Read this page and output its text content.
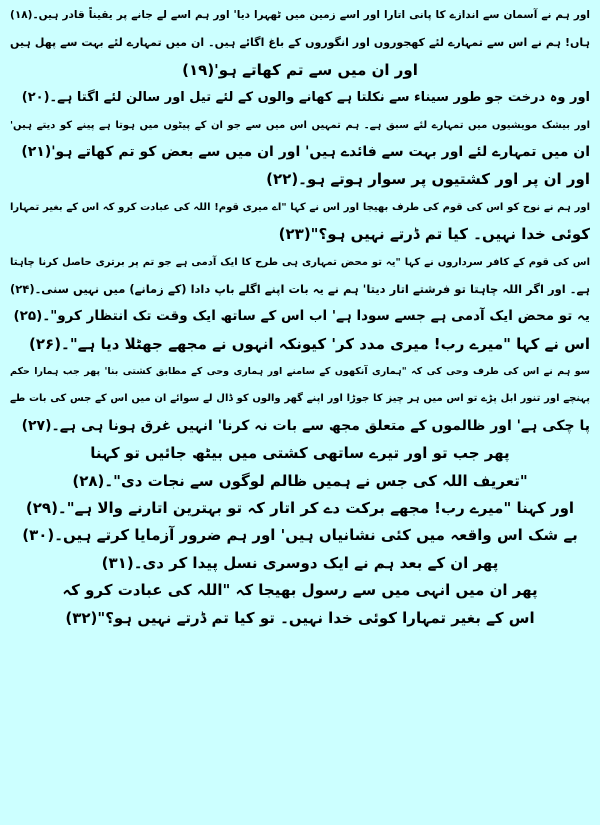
اور ہم نے آسمان سے اندازے کا پانی اتارا اور اسے زمین میں ٹھہرا دیا' اور ہم اسے لے جانے پر یقیناً قادر ہیں۔(۱۸)
ہاں! ہم نے اس سے تمہارے لئے کھجوروں اور انگوروں کے باغ اگائے ہیں۔ ان میں تمہارے لئے بہت سے پھل ہیں
اور ان میں سے تم کھاتے ہو'(۱۹)
اور وہ درخت جو طور سیناء سے نکلتا ہے کھانے والوں کے لئے تیل اور سالن لئے اگتا ہے۔(۲۰)
اور بیشک مویشیوں میں تمہارے لئے سبق ہے۔ ہم تمہیں اس میں سے جو ان کے پیٹوں میں ہوتا ہے پینے کو دیتے ہیں'
ان میں تمہارے لئے اور بہت سے فائدے ہیں' اور ان میں سے بعض کو تم کھاتے ہو'(۲۱)
اور ان پر اور کشتیوں پر سوار ہوتے ہو۔(۲۲)
اور ہم نے نوح کو اس کی قوم کی طرف بھیجا اور اس نے کہا "اے میری قوم! اللہ کی عبادت کرو کہ اس کے بغیر تمہارا
کوئی خدا نہیں۔ کیا تم ڈرتے نہیں ہو؟"(۲۳)
اس کی قوم کے کافر سرداروں نے کہا "یہ تو محض تمہاری ہی طرح کا ایک آدمی ہے جو تم پر برتری حاصل کرنا چاہتا
ہے۔ اور اگر اللہ چاہتا تو فرشتے اتار دیتا' ہم نے یہ بات اپنے اگلے باپ دادا (کے زمانے) میں نہیں سنی۔(۲۴)
یہ تو محض ایک آدمی ہے جسے سودا ہے' اب اس کے ساتھ ایک وقت تک انتظار کرو"۔(۲۵)
اس نے کہا "میرے رب! میری مدد کر' کیونکہ انہوں نے مجھے جھٹلا دیا ہے"۔(۲۶)
سو ہم نے اس کی طرف وحی کی کہ "ہماری آنکھوں کے سامنے اور ہماری وحی کے مطابق کشتی بنا' پھر جب ہمارا حکم
پہنچے اور تنور ابل پڑے تو اس میں ہر چیز کا جوڑا اور اپنے گھر والوں کو ڈال لے سوائے ان میں اس کے جس کی بات طے
پا چکی ہے' اور ظالموں کے متعلق مجھ سے بات نہ کرنا' انہیں غرق ہونا ہی ہے۔(۲۷)
پھر جب تو اور تیرے ساتھی کشتی میں بیٹھ جائیں تو کہنا
"تعریف اللہ کی جس نے ہمیں ظالم لوگوں سے نجات دی"۔(۲۸)
اور کہنا "میرے رب! مجھے برکت دے کر اتار کہ تو بہترین اتارنے والا ہے"۔(۲۹)
بے شک اس واقعہ میں کئی نشانیاں ہیں' اور ہم ضرور آزمایا کرتے ہیں۔(۳۰)
پھر ان کے بعد ہم نے ایک دوسری نسل پیدا کر دی۔(۳۱)
پھر ان میں انہی میں سے رسول بھیجا کہ "اللہ کی عبادت کرو کہ
اس کے بغیر تمہارا کوئی خدا نہیں۔ تو کیا تم ڈرتے نہیں ہو؟"(۳۲)
